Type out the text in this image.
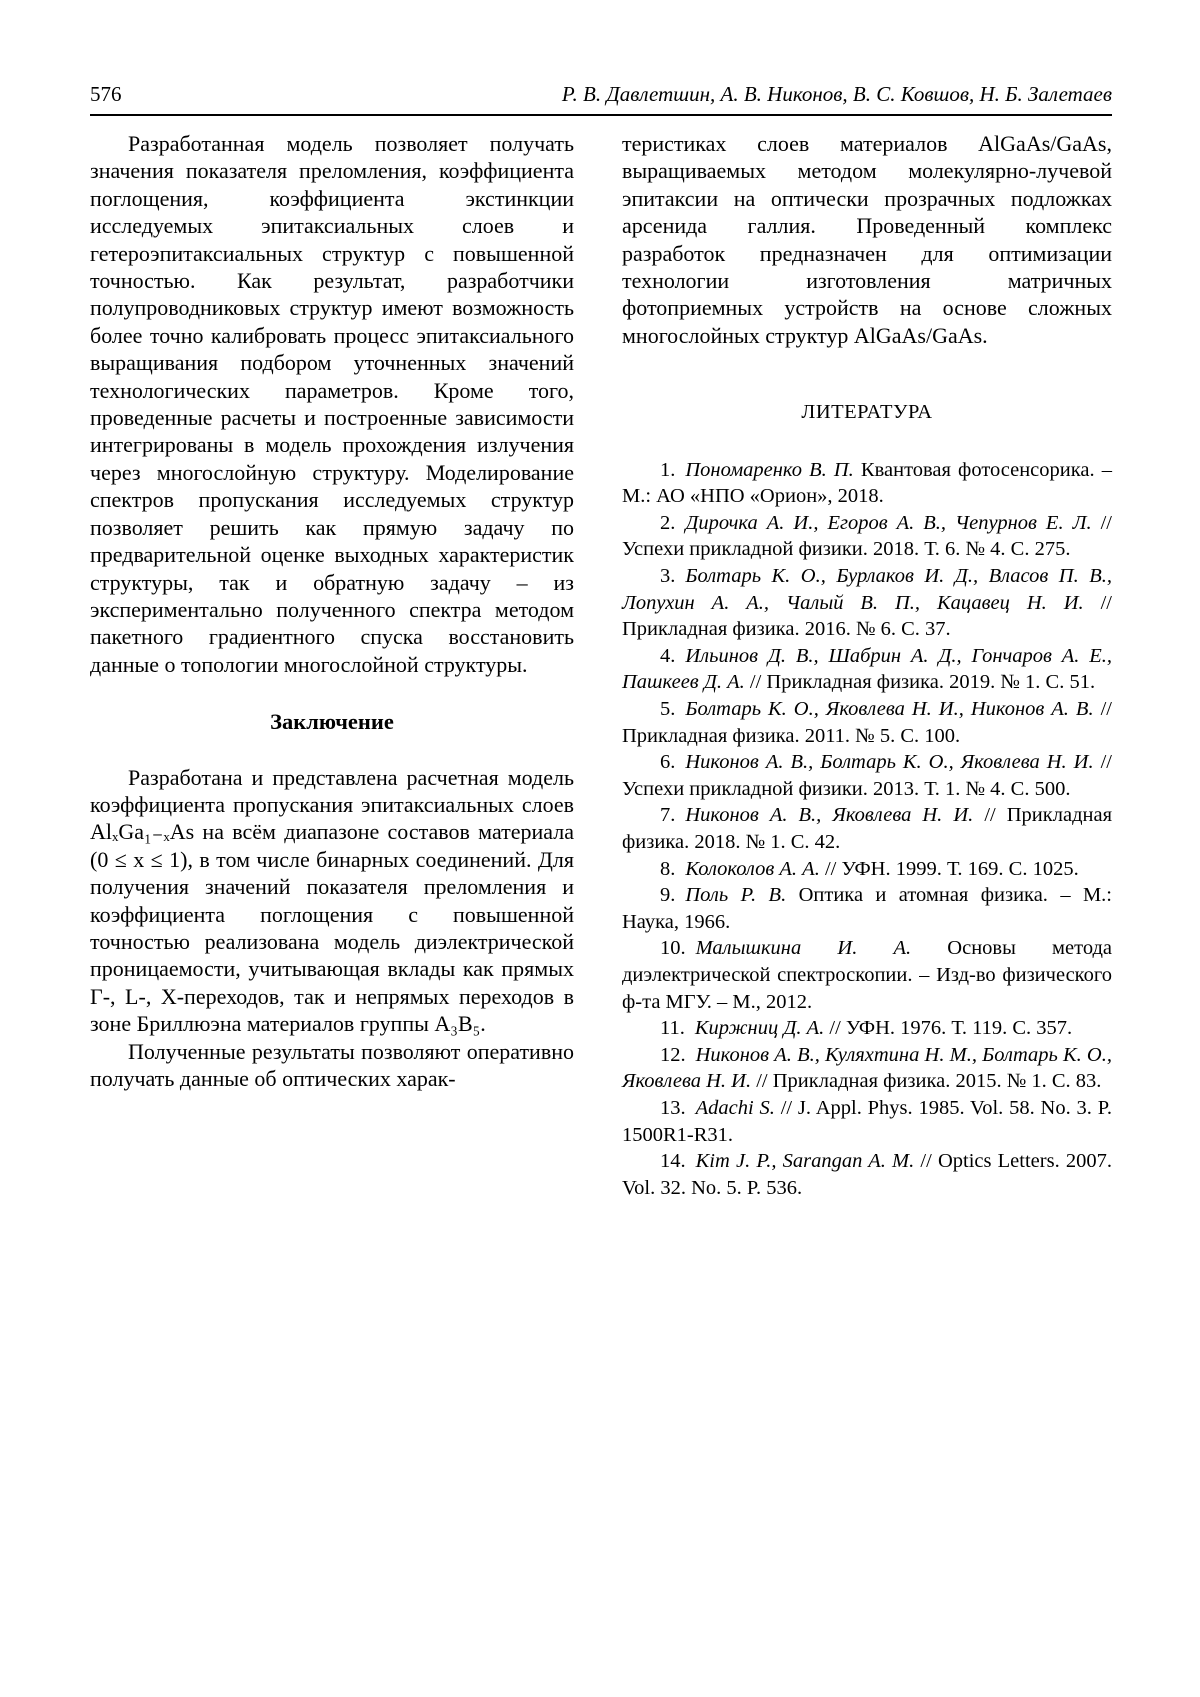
576	Р. В. Давлетшин, А. В. Никонов, В. С. Ковшов, Н. Б. Залетаев

Разработанная модель позволяет получать значения показателя преломления, коэффициента поглощения, коэффициента экстинкции исследуемых эпитаксиальных слоев и гетероэпитаксиальных структур с повышенной точностью. Как результат, разработчики полупроводниковых структур имеют возможность более точно калибровать процесс эпитаксиального выращивания подбором уточненных значений технологических параметров. Кроме того, проведенные расчеты и построенные зависимости интегрированы в модель прохождения излучения через многослойную структуру. Моделирование спектров пропускания исследуемых структур позволяет решить как прямую задачу по предварительной оценке выходных характеристик структуры, так и обратную задачу – из экспериментально полученного спектра методом пакетного градиентного спуска восстановить данные о топологии многослойной структуры.

Заключение

Разработана и представлена расчетная модель коэффициента пропускания эпитаксиальных слоев AlₓGa₁₋ₓAs на всём диапазоне составов материала (0 ≤ x ≤ 1), в том числе бинарных соединений. Для получения значений показателя преломления и коэффициента поглощения с повышенной точностью реализована модель диэлектрической проницаемости, учитывающая вклады как прямых Γ-, L-, X-переходов, так и непрямых переходов в зоне Бриллюэна материалов группы A₃B₅.

Полученные результаты позволяют оперативно получать данные об оптических харак-

теристиках слоев материалов AlGaAs/GaAs, выращиваемых методом молекулярно-лучевой эпитаксии на оптически прозрачных подложках арсенида галлия. Проведенный комплекс разработок предназначен для оптимизации технологии изготовления матричных фотоприемных устройств на основе сложных многослойных структур AlGaAs/GaAs.

ЛИТЕРАТУРА

1. Пономаренко В. П. Квантовая фотосенсорика. – М.: АО «НПО «Орион», 2018.

2. Дирочка А. И., Егоров А. В., Чепурнов Е. Л. // Успехи прикладной физики. 2018. Т. 6. № 4. С. 275.

3. Болтарь К. О., Бурлаков И. Д., Власов П. В., Лопухин А. А., Чалый В. П., Кацавец Н. И. // Прикладная физика. 2016. № 6. С. 37.

4. Ильинов Д. В., Шабрин А. Д., Гончаров А. Е., Пашкеев Д. А. // Прикладная физика. 2019. № 1. С. 51.

5. Болтарь К. О., Яковлева Н. И., Никонов А. В. // Прикладная физика. 2011. № 5. С. 100.

6. Никонов А. В., Болтарь К. О., Яковлева Н. И. // Успехи прикладной физики. 2013. Т. 1. № 4. С. 500.

7. Никонов А. В., Яковлева Н. И. // Прикладная физика. 2018. № 1. С. 42.

8. Колоколов А. А. // УФН. 1999. Т. 169. С. 1025.

9. Поль Р. В. Оптика и атомная физика. – М.: Наука, 1966.

10. Малышкина И. А. Основы метода диэлектрической спектроскопии. – Изд-во физического ф-та МГУ. – М., 2012.

11. Киржниц Д. А. // УФН. 1976. Т. 119. С. 357.

12. Никонов А. В., Куляхтина Н. М., Болтарь К. О., Яковлева Н. И. // Прикладная физика. 2015. № 1. С. 83.

13. Adachi S. // J. Appl. Phys. 1985. Vol. 58. No. 3. P. 1500R1-R31.

14. Kim J. P., Sarangan A. M. // Optics Letters. 2007. Vol. 32. No. 5. P. 536.
